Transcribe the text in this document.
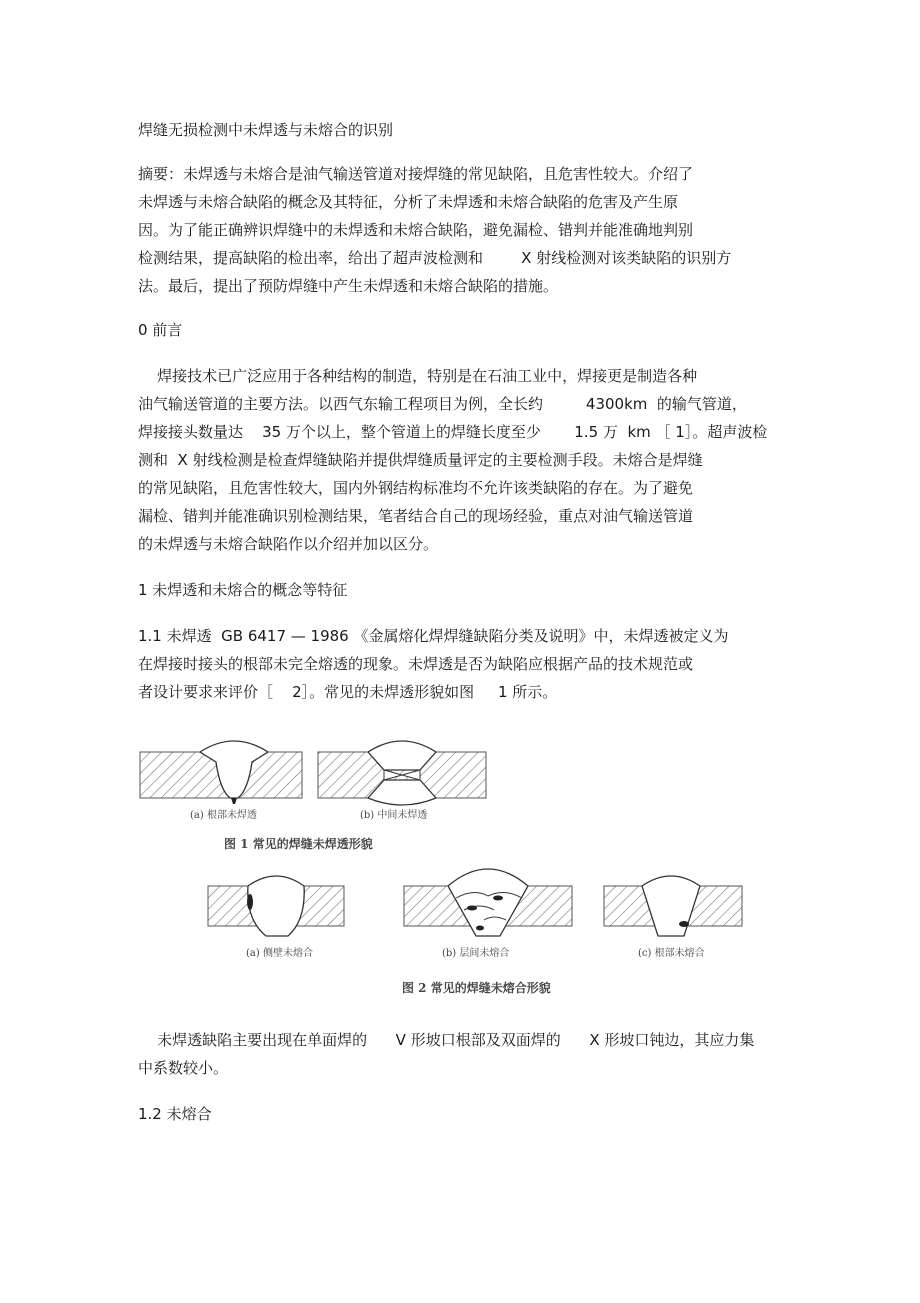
焊缝无损检测中未焊透与未熔合的识别
摘要：未焊透与未熔合是油气输送管道对接焊缝的常见缺陷，且危害性较大。介绍了
未焊透与未熔合缺陷的概念及其特征，分析了未焊透和未熔合缺陷的危害及产生原
因。为了能正确辨识焊缝中的未焊透和未熔合缺陷，避免漏检、错判并能准确地判别
检测结果，提高缺陷的检出率，给出了超声波检测和        X 射线检测对该类缺陷的识别方
法。最后，提出了预防焊缝中产生未焊透和未熔合缺陷的措施。
0 前言
焊接技术已广泛应用于各种结构的制造，特别是在石油工业中，焊接更是制造各种
油气输送管道的主要方法。以西气东输工程项目为例，全长约         4300km  的输气管道，
焊接接头数量达    35 万个以上，整个管道上的焊缝长度至少       1.5 万  km ［ 1］。超声波检
测和  X 射线检测是检查焊缝缺陷并提供焊缝质量评定的主要检测手段。未熔合是焊缝
的常见缺陷，且危害性较大，国内外钢结构标准均不允许该类缺陷的存在。为了避免
漏检、错判并能准确识别检测结果，笔者结合自己的现场经验，重点对油气输送管道
的未焊透与未熔合缺陷作以介绍并加以区分。
1 未焊透和未熔合的概念等特征
1.1 未焊透  GB 6417 — 1986 《金属熔化焊焊缝缺陷分类及说明》中，未焊透被定义为
在焊接时接头的根部未完全熔透的现象。未焊透是否为缺陷应根据产品的技术规范或
者设计要求来评价［    2］。常见的未焊透形貌如图     1 所示。
(a) 根部未焊透	(b) 中间未焊透
图 1 常见的焊缝未焊透形貌
(a) 侧壁未熔合	(b) 层间未熔合	(c) 根部未熔合
图 2 常见的焊缝未熔合形貌
未焊透缺陷主要出现在单面焊的      V 形坡口根部及双面焊的      X 形坡口钝边，其应力集
中系数较小。
1.2 未熔合
